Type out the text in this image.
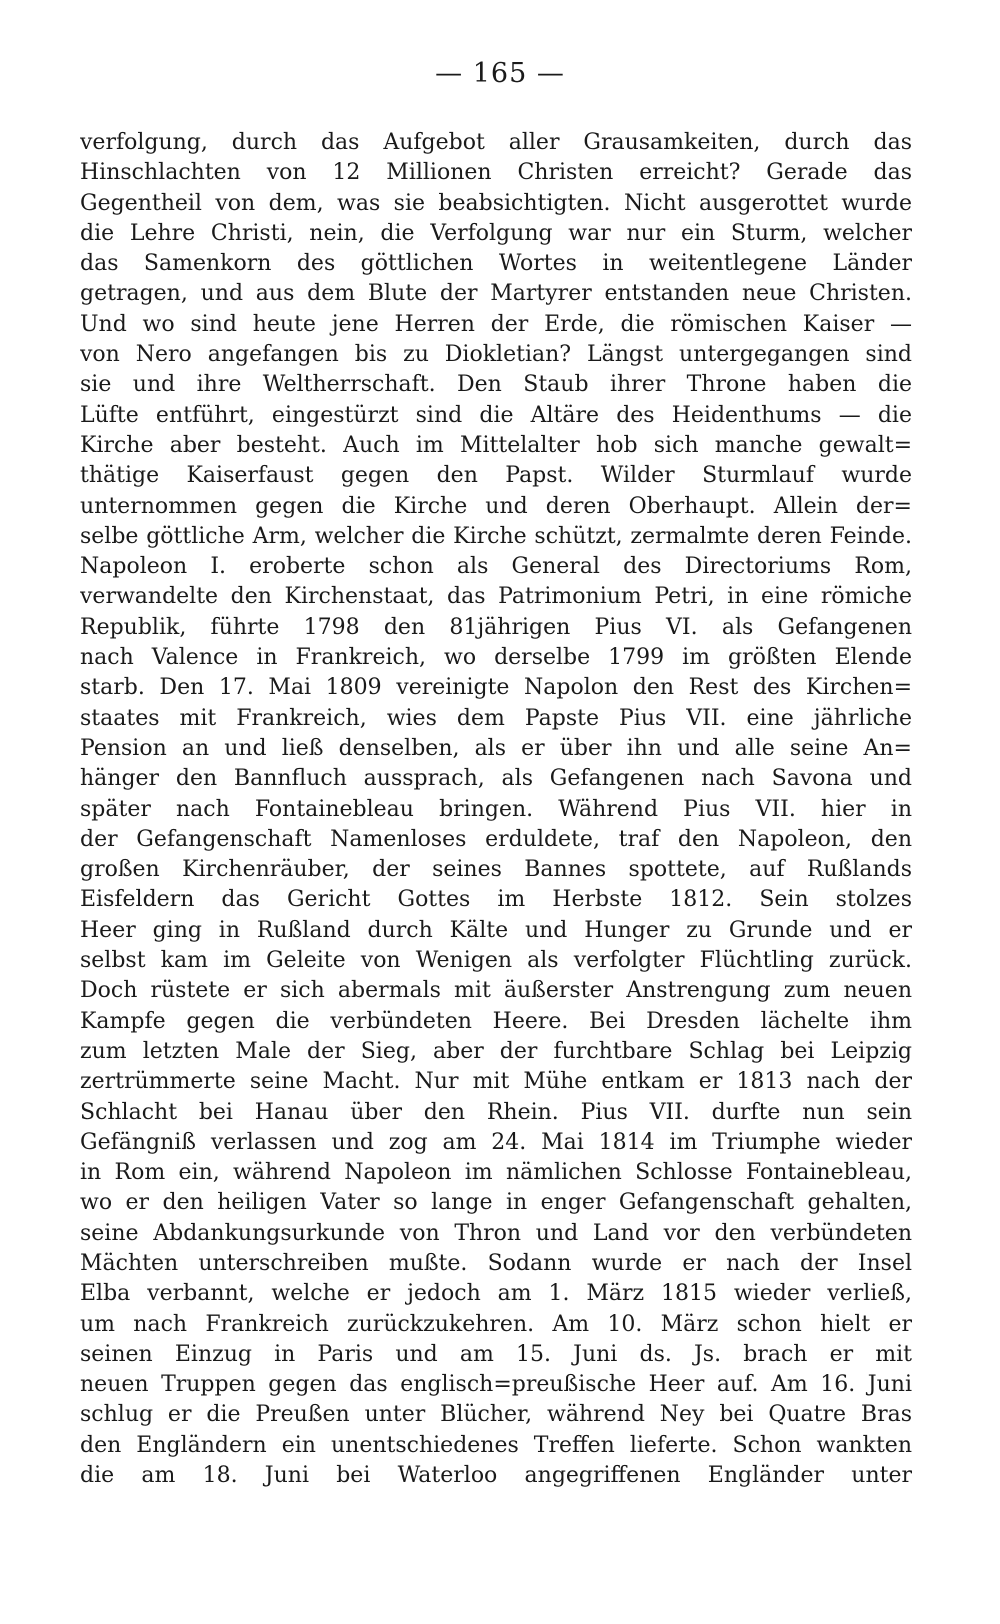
— 165 —
verfolgung, durch das Aufgebot aller Grausamkeiten, durch das
Hinschlachten von 12 Millionen Christen erreicht? Gerade das
Gegentheil von dem, was sie beabsichtigten. Nicht ausgerottet wurde
die Lehre Christi, nein, die Verfolgung war nur ein Sturm, welcher
das Samenkorn des göttlichen Wortes in weitentlegene Länder
getragen, und aus dem Blute der Martyrer entstanden neue Christen.
Und wo sind heute jene Herren der Erde, die römischen Kaiser —
von Nero angefangen bis zu Diokletian? Längst untergegangen sind
sie und ihre Weltherrschaft. Den Staub ihrer Throne haben die
Lüfte entführt, eingestürzt sind die Altäre des Heidenthums — die
Kirche aber besteht. Auch im Mittelalter hob sich manche gewalt=
thätige Kaiserfaust gegen den Papst. Wilder Sturmlauf wurde
unternommen gegen die Kirche und deren Oberhaupt. Allein der=
selbe göttliche Arm, welcher die Kirche schützt, zermalmte deren Feinde.
Napoleon I. eroberte schon als General des Directoriums Rom,
verwandelte den Kirchenstaat, das Patrimonium Petri, in eine römiche
Republik, führte 1798 den 81jährigen Pius VI. als Gefangenen
nach Valence in Frankreich, wo derselbe 1799 im größten Elende
starb. Den 17. Mai 1809 vereinigte Napolon den Rest des Kirchen=
staates mit Frankreich, wies dem Papste Pius VII. eine jährliche
Pension an und ließ denselben, als er über ihn und alle seine An=
hänger den Bannfluch aussprach, als Gefangenen nach Savona und
später nach Fontainebleau bringen. Während Pius VII. hier in
der Gefangenschaft Namenloses erduldete, traf den Napoleon, den
großen Kirchenräuber, der seines Bannes spottete, auf Rußlands
Eisfeldern das Gericht Gottes im Herbste 1812. Sein stolzes
Heer ging in Rußland durch Kälte und Hunger zu Grunde und er
selbst kam im Geleite von Wenigen als verfolgter Flüchtling zurück.
Doch rüstete er sich abermals mit äußerster Anstrengung zum neuen
Kampfe gegen die verbündeten Heere. Bei Dresden lächelte ihm
zum letzten Male der Sieg, aber der furchtbare Schlag bei Leipzig
zertrümmerte seine Macht. Nur mit Mühe entkam er 1813 nach der
Schlacht bei Hanau über den Rhein. Pius VII. durfte nun sein
Gefängniß verlassen und zog am 24. Mai 1814 im Triumphe wieder
in Rom ein, während Napoleon im nämlichen Schlosse Fontainebleau,
wo er den heiligen Vater so lange in enger Gefangenschaft gehalten,
seine Abdankungsurkunde von Thron und Land vor den verbündeten
Mächten unterschreiben mußte. Sodann wurde er nach der Insel
Elba verbannt, welche er jedoch am 1. März 1815 wieder verließ,
um nach Frankreich zurückzukehren. Am 10. März schon hielt er
seinen Einzug in Paris und am 15. Juni ds. Js. brach er mit
neuen Truppen gegen das englisch=preußische Heer auf. Am 16. Juni
schlug er die Preußen unter Blücher, während Ney bei Quatre Bras
den Engländern ein unentschiedenes Treffen lieferte. Schon wankten
die am 18. Juni bei Waterloo angegriffenen Engländer unter
